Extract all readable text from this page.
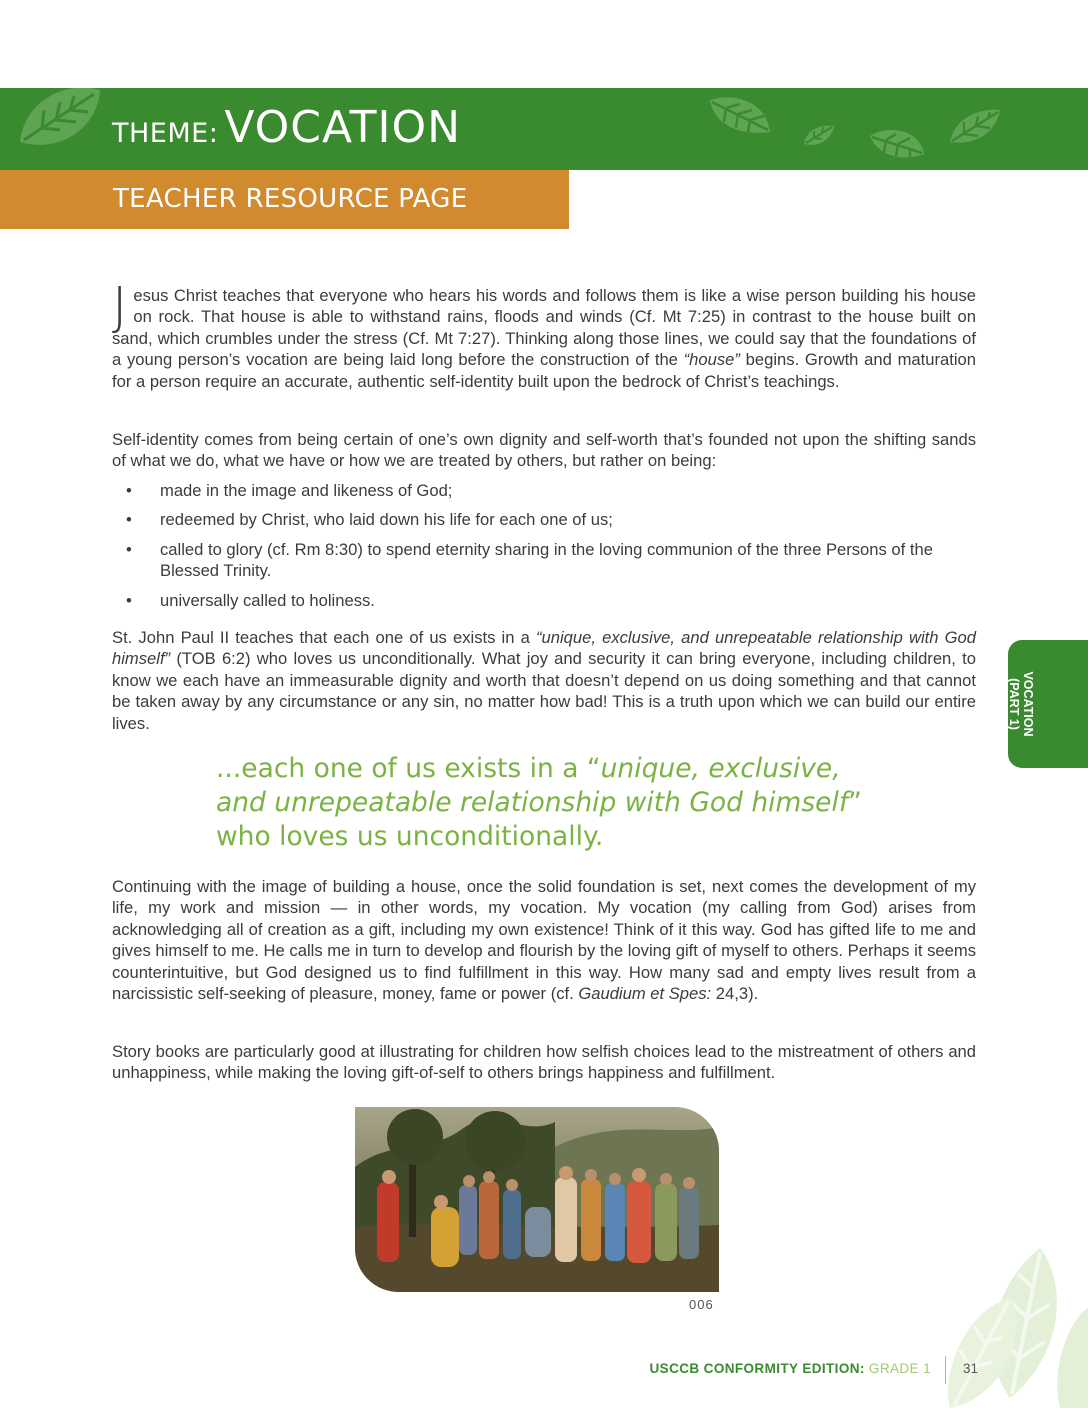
THEME: VOCATION
TEACHER RESOURCE PAGE
Jesus Christ teaches that everyone who hears his words and follows them is like a wise person building his house on rock. That house is able to withstand rains, floods and winds (Cf. Mt 7:25) in contrast to the house built on sand, which crumbles under the stress (Cf. Mt 7:27). Thinking along those lines, we could say that the foundations of a young person’s vocation are being laid long before the construction of the “house” begins. Growth and maturation for a person require an accurate, authentic self-identity built upon the bedrock of Christ’s teachings.
Self-identity comes from being certain of one’s own dignity and self-worth that’s founded not upon the shifting sands of what we do, what we have or how we are treated by others, but rather on being:
• made in the image and likeness of God;
• redeemed by Christ, who laid down his life for each one of us;
• called to glory (cf. Rm 8:30) to spend eternity sharing in the loving communion of the three Persons of the Blessed Trinity.
• universally called to holiness.
St. John Paul II teaches that each one of us exists in a “unique, exclusive, and unrepeatable relationship with God himself” (TOB 6:2) who loves us unconditionally. What joy and security it can bring everyone, including children, to know we each have an immeasurable dignity and worth that doesn’t depend on us doing something and that cannot be taken away by any circumstance or any sin, no matter how bad! This is a truth upon which we can build our entire lives.
...each one of us exists in a “unique, exclusive,
and unrepeatable relationship with God himself”
who loves us unconditionally.
Continuing with the image of building a house, once the solid foundation is set, next comes the development of my life, my work and mission — in other words, my vocation. My vocation (my calling from God) arises from acknowledging all of creation as a gift, including my own existence! Think of it this way. God has gifted life to me and gives himself to me. He calls me in turn to develop and flourish by the loving gift of myself to others. Perhaps it seems counterintuitive, but God designed us to find fulfillment in this way. How many sad and empty lives result from a narcissistic self-seeking of pleasure, money, fame or power (cf. Gaudium et Spes: 24,3).
Story books are particularly good at illustrating for children how selfish choices lead to the mistreatment of others and unhappiness, while making the loving gift-of-self to others brings happiness and fulfillment.
006
VOCATION
(PART 1)
USCCB CONFORMITY EDITION: GRADE 1 31
